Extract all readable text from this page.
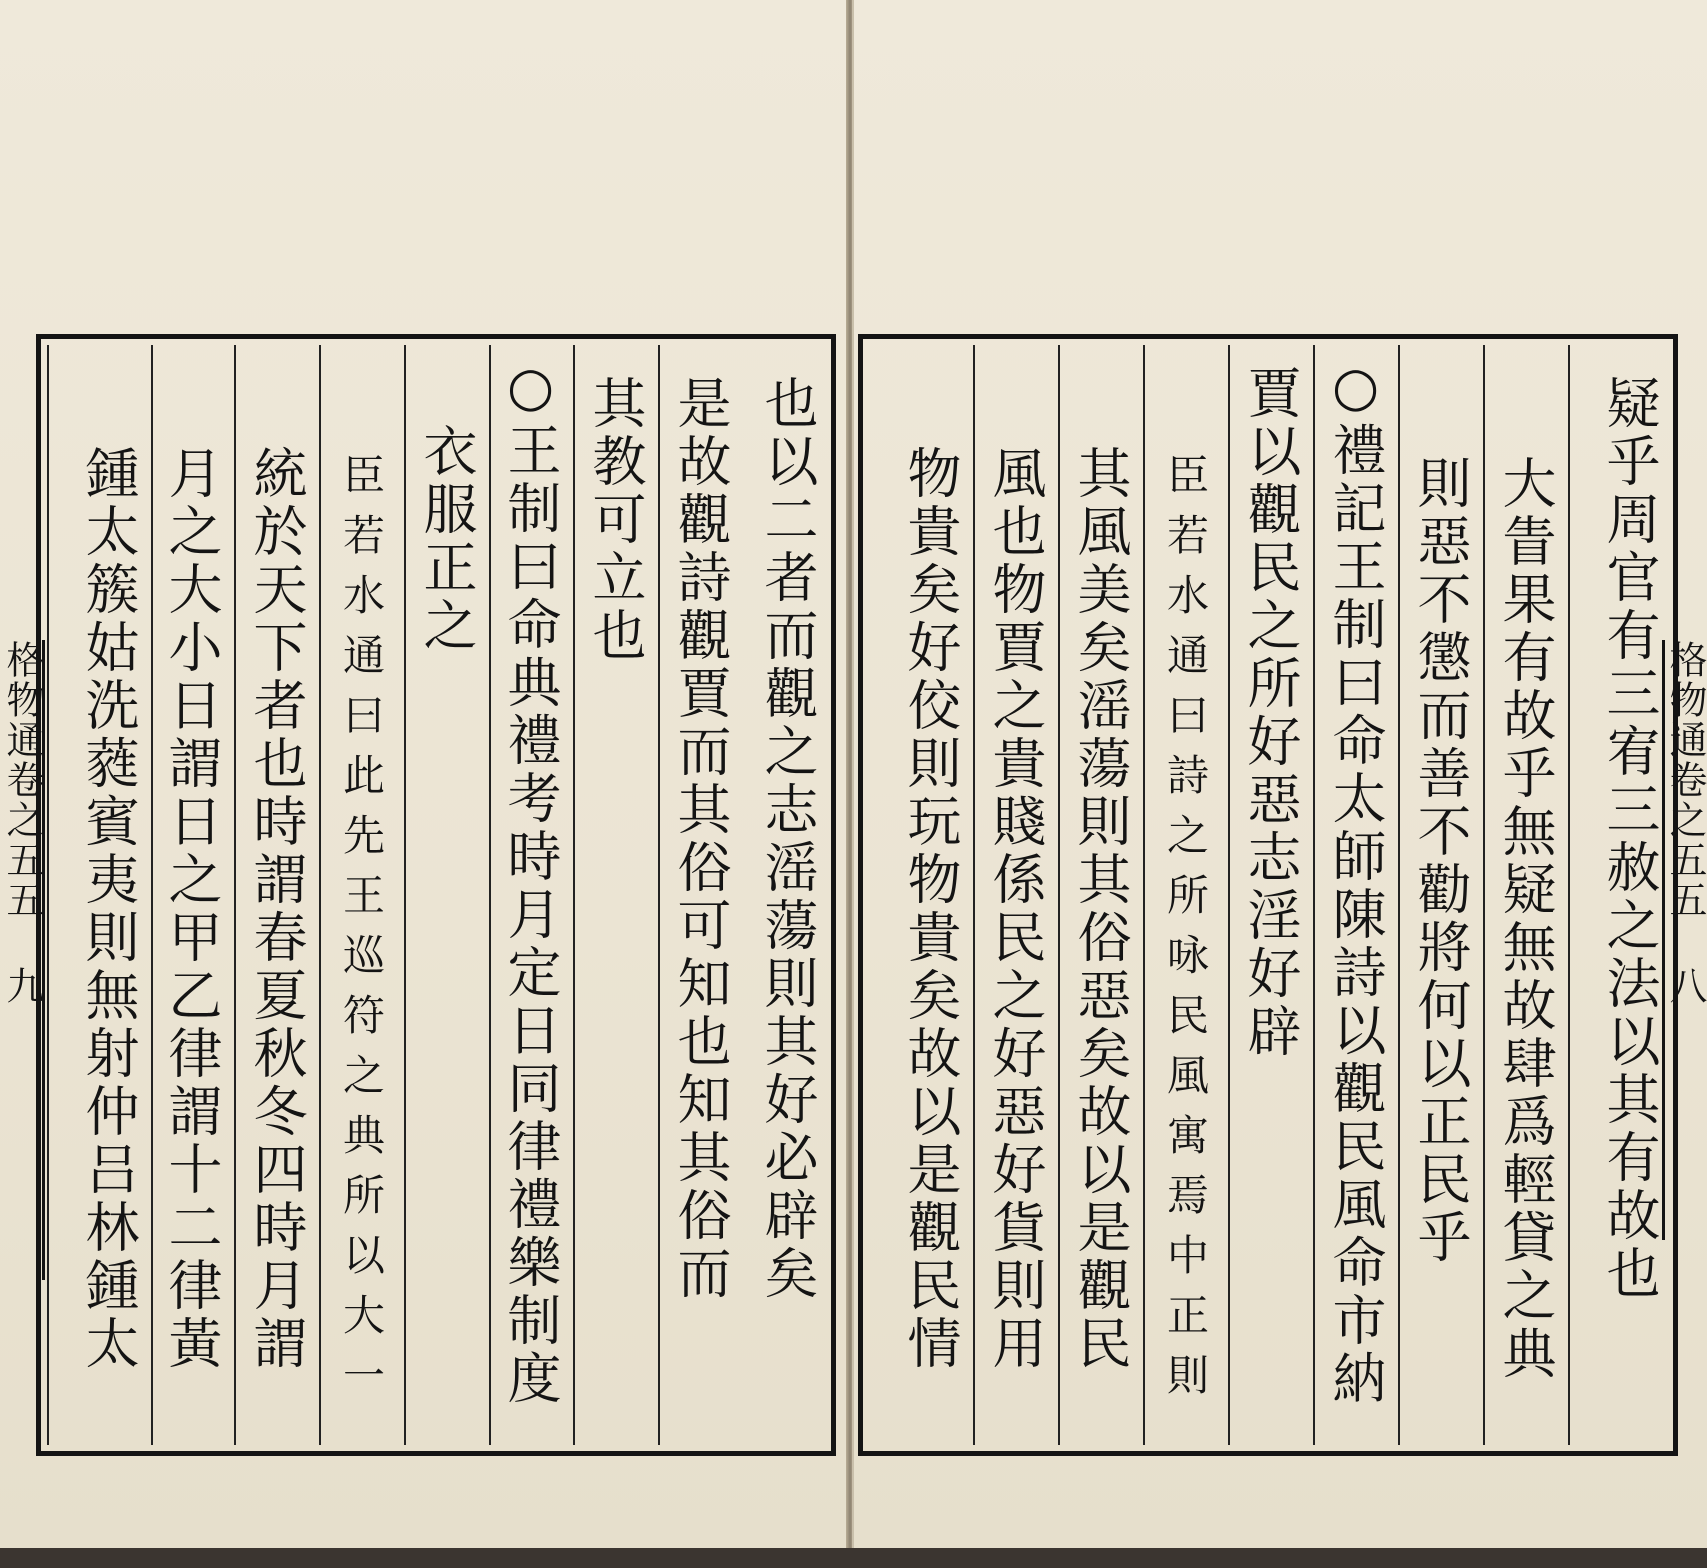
也以二者而觀之志滛蕩則其好必辟矣
是故觀詩觀賈而其俗可知也知其俗而
其教可立也
○王制曰命典禮考時月定日同律禮樂制度
衣服正之
臣若水通曰此先王巡符之典所以大一
統於天下者也時謂春夏秋冬四時月謂
月之大小日謂日之甲乙律謂十二律黃
鍾太簇姑洗蕤賓夷則無射仲吕林鍾太
格物通卷之五五 九	疑乎周官有三宥三赦之法以其有故也
大眚果有故乎無疑無故肆爲輕貸之典
則惡不懲而善不勸將何以正民乎
○禮記王制曰命太師陳詩以觀民風命市納
賈以觀民之所好惡志淫好辟
臣若水通曰詩之所咏民風寓焉中正則
其風美矣滛蕩則其俗惡矣故以是觀民
風也物賈之貴賤係民之好惡好貨則用
物貴矣好佼則玩物貴矣故以是觀民情	格物通卷之五五 八
